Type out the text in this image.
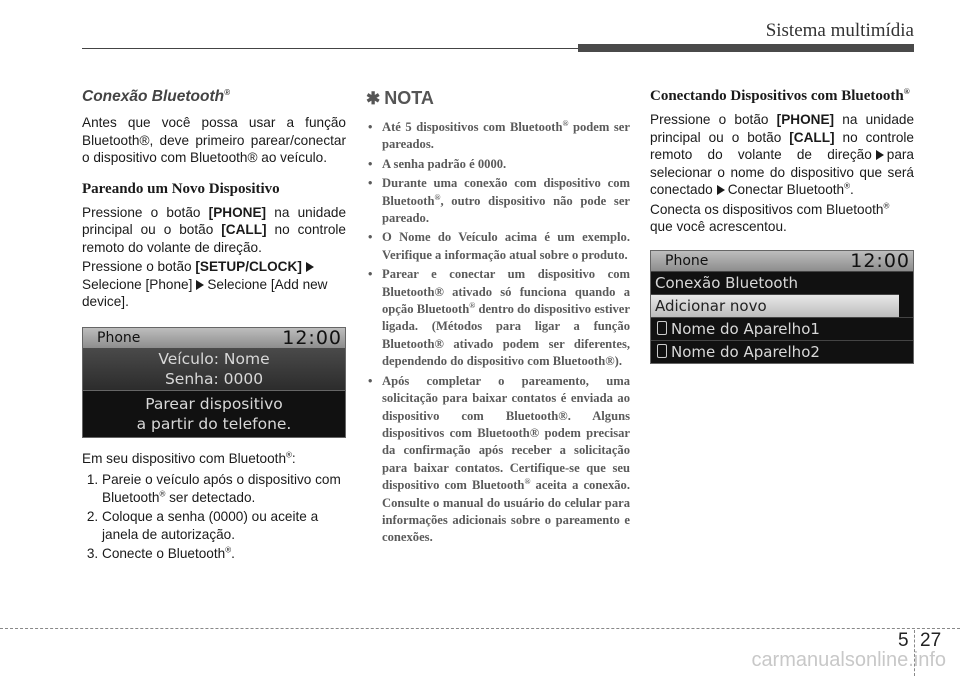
Sistema multimídia
Conexão Bluetooth®

Antes que você possa usar a função Bluetooth®, deve primeiro parear/conectar o dispositivo com Bluetooth® ao veículo.

Pareando um Novo Dispositivo

Pressione o botão [PHONE] na unidade principal ou o botão [CALL] no controle remoto do volante de direção.

Pressione o botão [SETUP/CLOCK]
Selecione [Phone] Selecione [Add new device].

Phone	12:00
Veículo: Nome
Senha: 0000
Parear dispositivo
a partir do telefone.

Em seu dispositivo com Bluetooth®:

1. Pareie o veículo após o dispositivo com Bluetooth® ser detectado.
2. Coloque a senha (0000) ou aceite a janela de autorização.
3. Conecte o Bluetooth®.
✱ NOTA
• Até 5 dispositivos com Bluetooth® podem ser pareados.
• A senha padrão é 0000.
• Durante uma conexão com dispositivo com Bluetooth®, outro dispositivo não pode ser pareado.
• O Nome do Veículo acima é um exemplo. Verifique a informação atual sobre o produto.
• Parear e conectar um dispositivo com Bluetooth® ativado só funciona quando a opção Bluetooth® dentro do dispositivo estiver ligada. (Métodos para ligar a função Bluetooth® ativado podem ser diferentes, dependendo do dispositivo com Bluetooth®).
• Após completar o pareamento, uma solicitação para baixar contatos é enviada ao dispositivo com Bluetooth®. Alguns dispositivos com Bluetooth® podem precisar da confirmação após receber a solicitação para baixar contatos. Certifique-se que seu dispositivo com Bluetooth® aceita a conexão. Consulte o manual do usuário do celular para informações adicionais sobre o pareamento e conexões.
Conectando Dispositivos com Bluetooth®

Pressione o botão [PHONE] na unidade principal ou o botão [CALL] no controle remoto do volante de direção para selecionar o nome do dispositivo que será conectado Conectar Bluetooth®.

Conecta os dispositivos com Bluetooth® que você acrescentou.

Phone	12:00
Conexão Bluetooth
Adicionar novo
Nome do Aparelho1
Nome do Aparelho2
5 27
carmanualsonline.info
